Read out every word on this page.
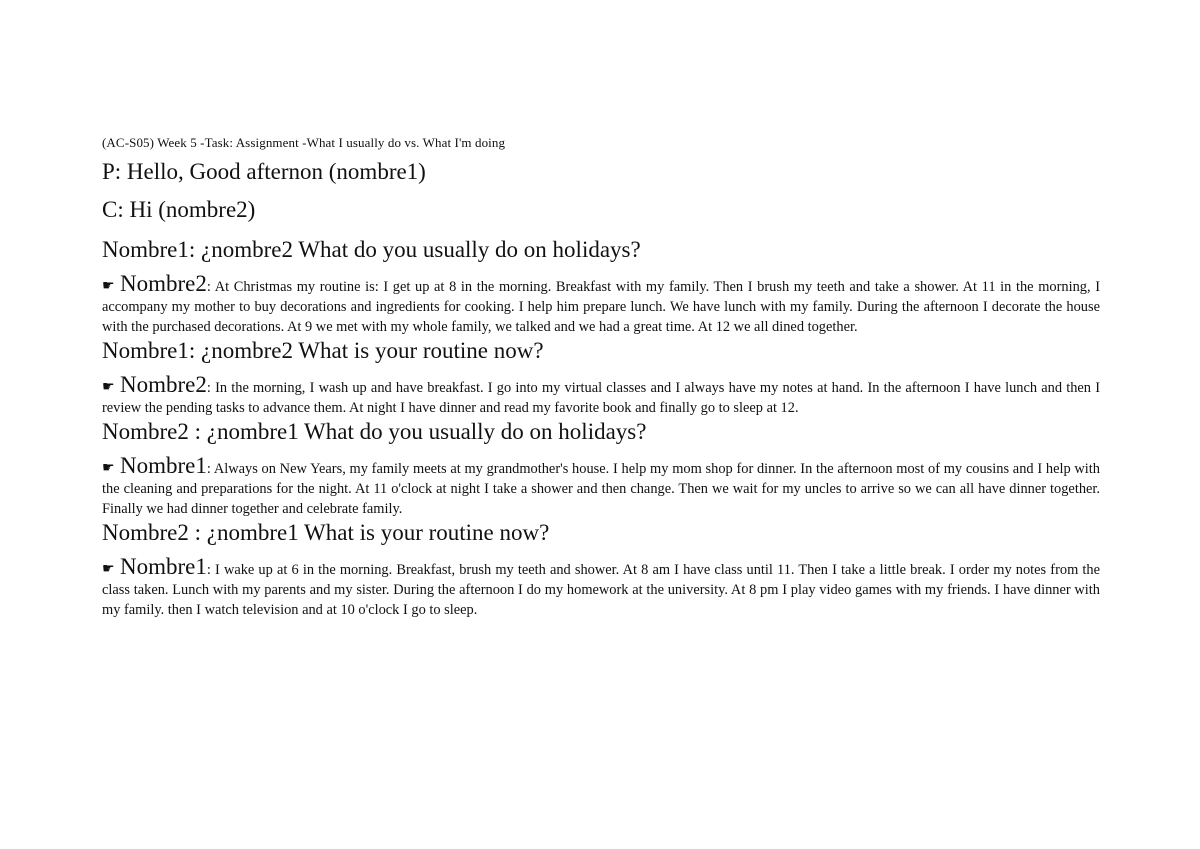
(AC-S05) Week 5 -Task: Assignment -What I usually do vs. What I'm doing

P: Hello, Good afternon (nombre1)

C: Hi (nombre2)

Nombre1: ¿nombre2 What do you usually do on holidays?

☛ Nombre2: At Christmas my routine is: I get up at 8 in the morning. Breakfast with my family. Then I brush my teeth and take a shower. At 11 in the morning, I accompany my mother to buy decorations and ingredients for cooking. I help him prepare lunch. We have lunch with my family. During the afternoon I decorate the house with the purchased decorations. At 9 we met with my whole family, we talked and we had a great time. At 12 we all dined together.

Nombre1: ¿nombre2 What is your routine now?

☛ Nombre2: In the morning, I wash up and have breakfast. I go into my virtual classes and I always have my notes at hand. In the afternoon I have lunch and then I review the pending tasks to advance them. At night I have dinner and read my favorite book and finally go to sleep at 12.

Nombre2 : ¿nombre1 What do you usually do on holidays?

☛ Nombre1: Always on New Years, my family meets at my grandmother's house. I help my mom shop for dinner. In the afternoon most of my cousins and I help with the cleaning and preparations for the night. At 11 o'clock at night I take a shower and then change. Then we wait for my uncles to arrive so we can all have dinner together. Finally we had dinner together and celebrate family.

Nombre2 : ¿nombre1 What is your routine now?

☛ Nombre1: I wake up at 6 in the morning. Breakfast, brush my teeth and shower. At 8 am I have class until 11. Then I take a little break. I order my notes from the class taken. Lunch with my parents and my sister. During the afternoon I do my homework at the university. At 8 pm I play video games with my friends. I have dinner with my family. then I watch television and at 10 o'clock I go to sleep.
